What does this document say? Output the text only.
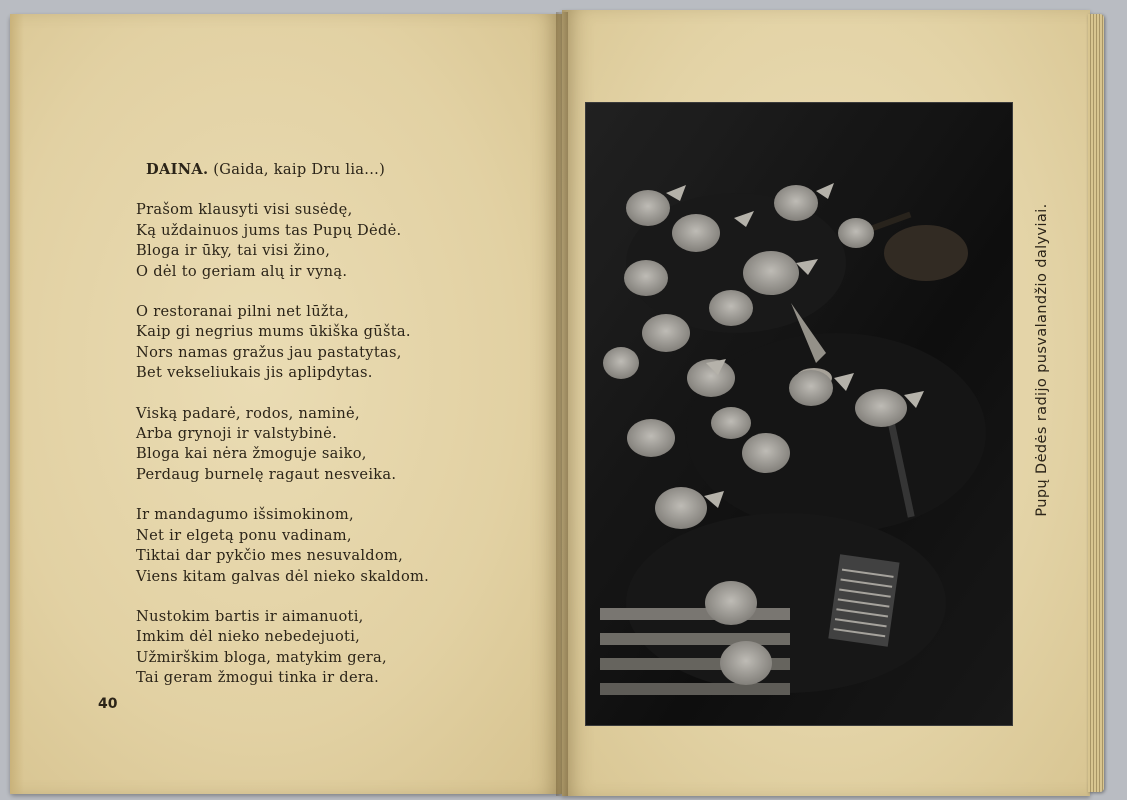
DAINA. (Gaida, kaip Dru lia...)
Prašom klausyti visi susėdę,
Ką uždainuos jums tas Pupų Dėdė.
Bloga ir ūky, tai visi žino,
O dėl to geriam alų ir vyną.
O restoranai pilni net lūžta,
Kaip gi negrius mums ūkiška gūšta.
Nors namas gražus jau pastatytas,
Bet vekseliukais jis aplipdytas.
Viską padarė, rodos, naminė,
Arba grynoji ir valstybinė.
Bloga kai nėra žmoguje saiko,
Perdaug burnelę ragaut nesveika.
Ir mandagumo išsimokinom,
Net ir elgetą ponu vadinam,
Tiktai dar pykčio mes nesuvaldom,
Viens kitam galvas dėl nieko skaldom.
Nustokim bartis ir aimanuoti,
Imkim dėl nieko nebedejuoti,
Užmirškim bloga, matykim gera,
Tai geram žmogui tinka ir dera.
40
Pupų Dėdės radijo pusvalandžio dalyviai.
